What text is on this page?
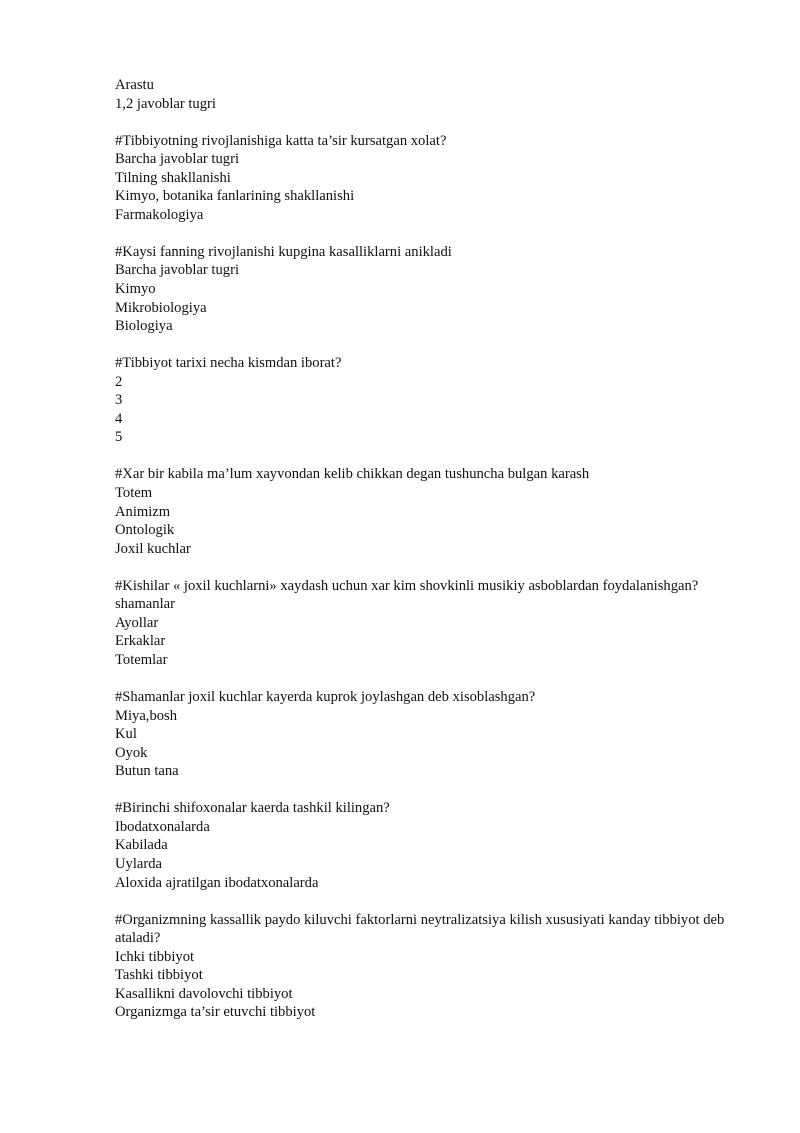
Arastu
1,2 javoblar tugri
#Tibbiyotning rivojlanishiga katta ta’sir kursatgan xolat?
Barcha javoblar tugri
Tilning shakllanishi
Kimyo, botanika fanlarining shakllanishi
Farmakologiya
#Kaysi fanning rivojlanishi kupgina kasalliklarni anikladi
Barcha javoblar tugri
Kimyo
Mikrobiologiya
Biologiya
#Tibbiyot tarixi necha kismdan iborat?
2
3
4
5
#Xar bir kabila ma’lum xayvondan kelib chikkan degan tushuncha bulgan karash
Totem
Animizm
Ontologik
Joxil kuchlar
#Kishilar « joxil kuchlarni» xaydash uchun xar kim shovkinli musikiy asboblardan foydalanishgan?
shamanlar
Ayollar
Erkaklar
Totemlar
#Shamanlar joxil kuchlar kayerda kuprok joylashgan deb xisoblashgan?
Miya,bosh
Kul
Oyok
Butun tana
#Birinchi shifoxonalar kaerda tashkil kilingan?
Ibodatxonalarda
Kabilada
Uylarda
Aloxida ajratilgan ibodatxonalarda
#Organizmning kassallik paydo kiluvchi faktorlarni neytralizatsiya kilish xususiyati kanday tibbiyot deb ataladi?
Ichki tibbiyot
Tashki tibbiyot
Kasallikni davolovchi tibbiyot
Organizmga ta’sir etuvchi tibbiyot
